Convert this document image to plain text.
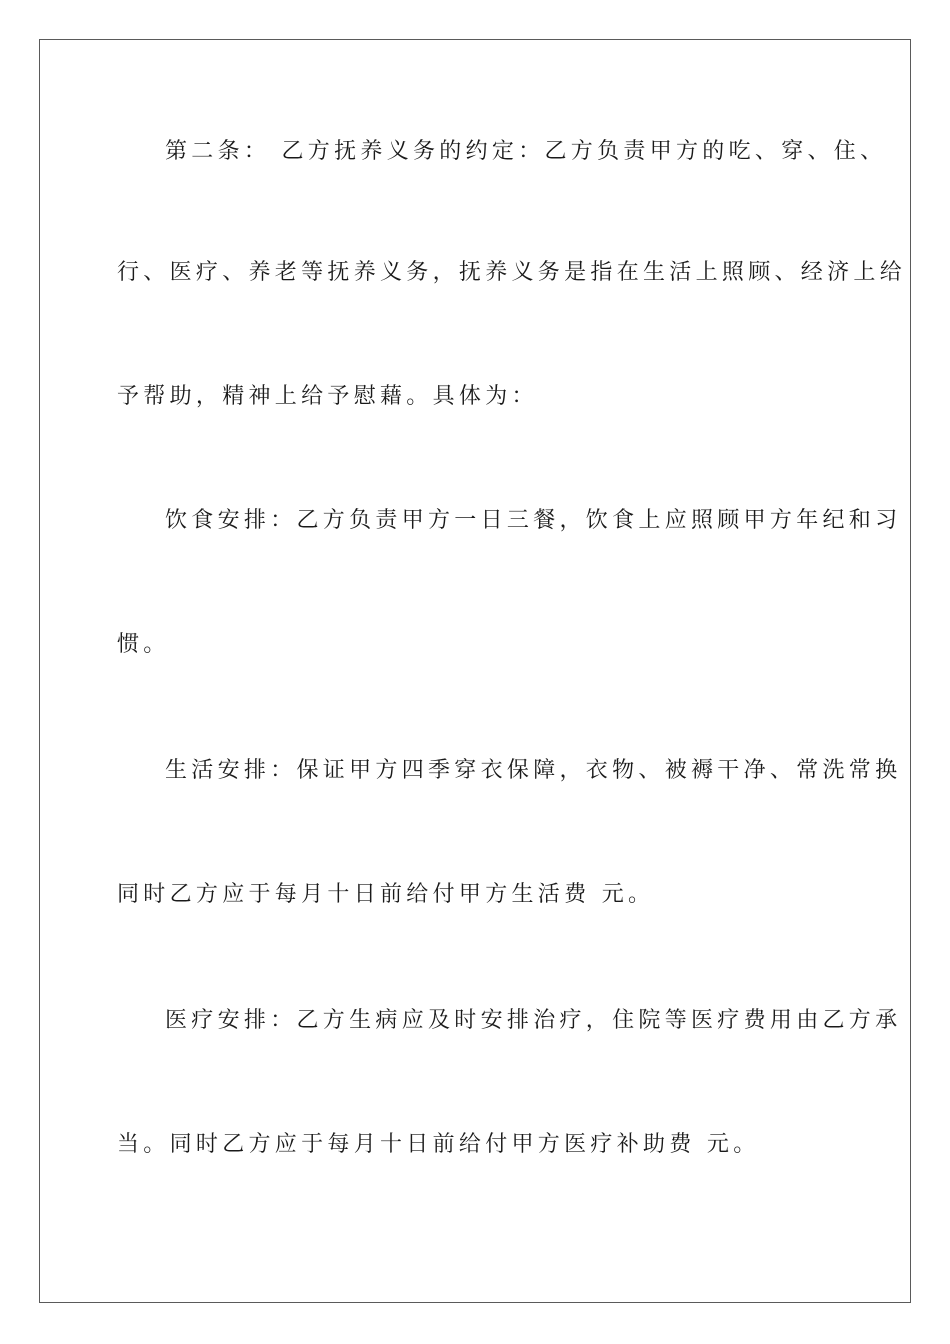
第二条： 乙方抚养义务的约定：乙方负责甲方的吃、穿、住、

行、医疗、养老等抚养义务，抚养义务是指在生活上照顾、经济上给

予帮助，精神上给予慰藉。具体为：

饮食安排：乙方负责甲方一日三餐，饮食上应照顾甲方年纪和习

惯。

生活安排：保证甲方四季穿衣保障，衣物、被褥干净、常洗常换

同时乙方应于每月十日前给付甲方生活费 元。

医疗安排：乙方生病应及时安排治疗，住院等医疗费用由乙方承

当。同时乙方应于每月十日前给付甲方医疗补助费 元。
